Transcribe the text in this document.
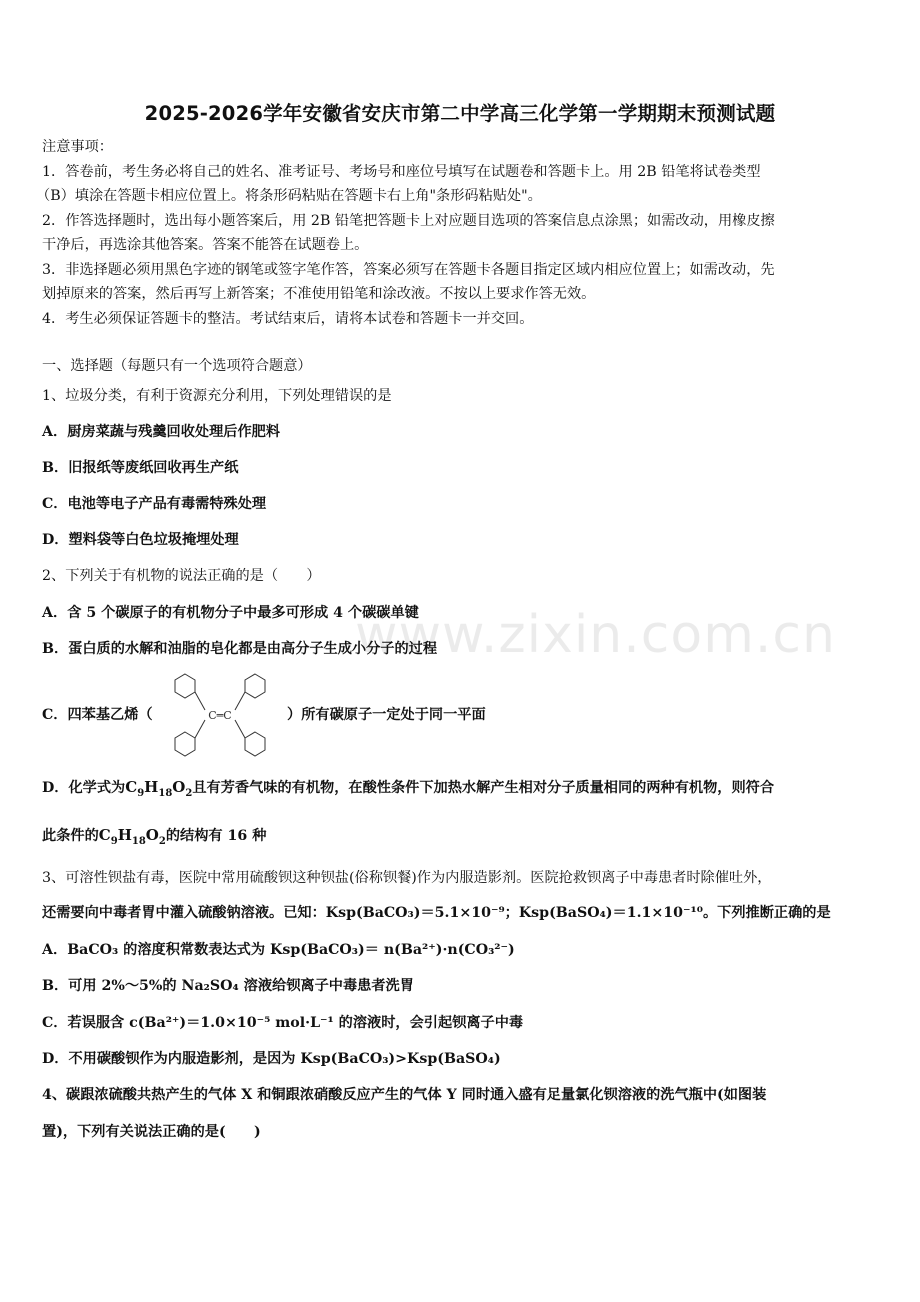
www.zixin.com.cn
2025-2026学年安徽省安庆市第二中学高三化学第一学期期末预测试题
注意事项：
1．答卷前，考生务必将自己的姓名、准考证号、考场号和座位号填写在试题卷和答题卡上。用 2B 铅笔将试卷类型
（B）填涂在答题卡相应位置上。将条形码粘贴在答题卡右上角"条形码粘贴处"。
2．作答选择题时，选出每小题答案后，用 2B 铅笔把答题卡上对应题目选项的答案信息点涂黑；如需改动，用橡皮擦
干净后，再选涂其他答案。答案不能答在试题卷上。
3．非选择题必须用黑色字迹的钢笔或签字笔作答，答案必须写在答题卡各题目指定区域内相应位置上；如需改动，先
划掉原来的答案，然后再写上新答案；不准使用铅笔和涂改液。不按以上要求作答无效。
4．考生必须保证答题卡的整洁。考试结束后，请将本试卷和答题卡一并交回。
一、选择题（每题只有一个选项符合题意）
1、垃圾分类，有利于资源充分利用，下列处理错误的是
A．厨房菜蔬与残羹回收处理后作肥料
B．旧报纸等废纸回收再生产纸
C．电池等电子产品有毒需特殊处理
D．塑料袋等白色垃圾掩埋处理
2、下列关于有机物的说法正确的是（　　）
A．含 5 个碳原子的有机物分子中最多可形成 4 个碳碳单键
B．蛋白质的水解和油脂的皂化都是由高分子生成小分子的过程
C．四苯基乙烯（	C═C	）所有碳原子一定处于同一平面
D．化学式为$C_9H_{18}O_2$且有芳香气味的有机物，在酸性条件下加热水解产生相对分子质量相同的两种有机物，则符合
此条件的$C_9H_{18}O_2$的结构有 16 种
3、可溶性钡盐有毒，医院中常用硫酸钡这种钡盐(俗称钡餐)作为内服造影剂。医院抢救钡离子中毒患者时除催吐外，
还需要向中毒者胃中灌入硫酸钠溶液。已知：Ksp(BaCO₃)＝5.1×10⁻⁹；Ksp(BaSO₄)＝1.1×10⁻¹⁰。下列推断正确的是
A．BaCO₃ 的溶度积常数表达式为 Ksp(BaCO₃)＝ n(Ba²⁺)·n(CO₃²⁻)
B．可用 2%～5%的 Na₂SO₄ 溶液给钡离子中毒患者洗胃
C．若误服含 c(Ba²⁺)＝1.0×10⁻⁵ mol·L⁻¹ 的溶液时，会引起钡离子中毒
D．不用碳酸钡作为内服造影剂，是因为 Ksp(BaCO₃)>Ksp(BaSO₄)
4、碳跟浓硫酸共热产生的气体 X 和铜跟浓硝酸反应产生的气体 Y 同时通入盛有足量氯化钡溶液的洗气瓶中(如图装
置)，下列有关说法正确的是(　　)
